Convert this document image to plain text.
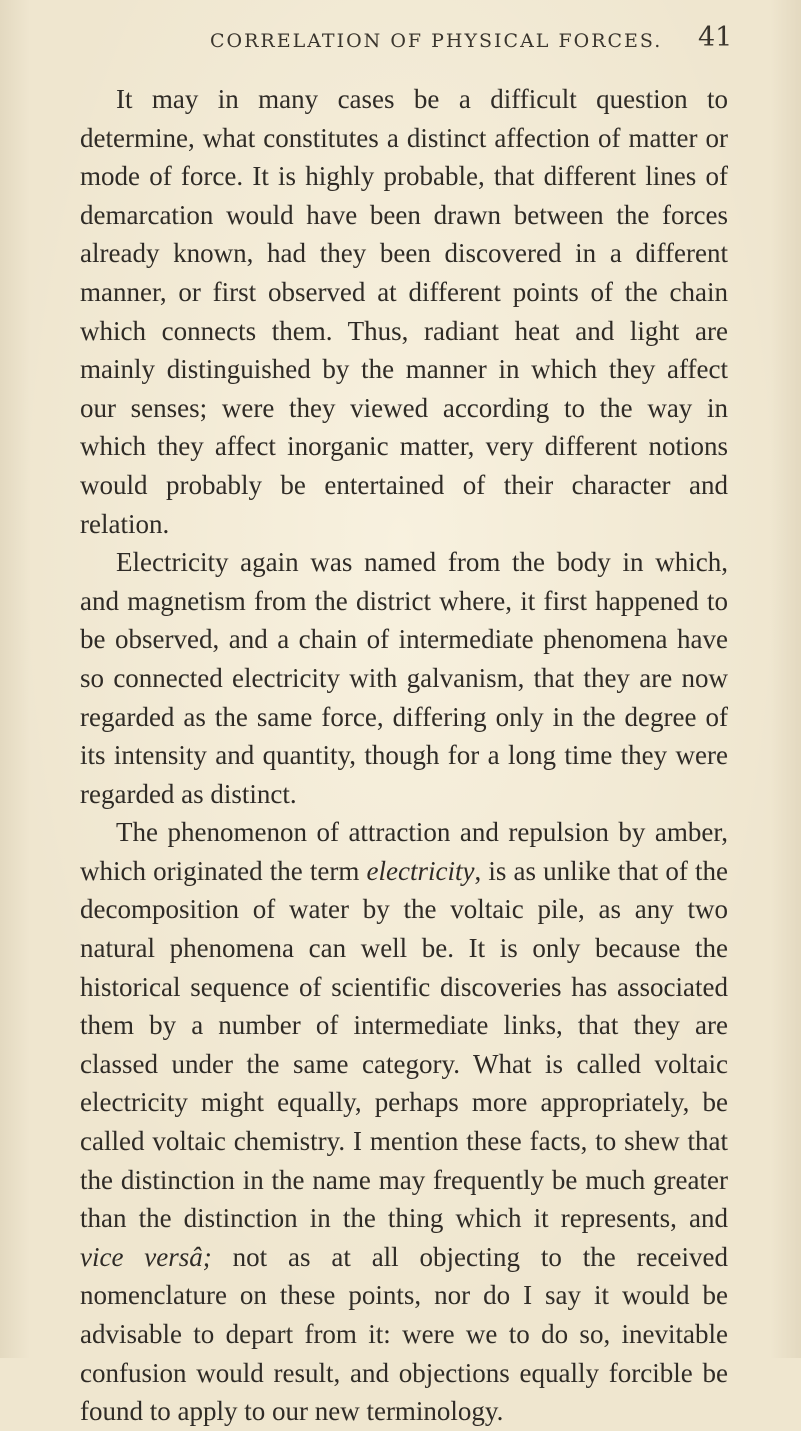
CORRELATION OF PHYSICAL FORCES. 41

It may in many cases be a difficult question to determine, what constitutes a distinct affection of matter or mode of force. It is highly probable, that different lines of demarcation would have been drawn between the forces already known, had they been discovered in a different manner, or first observed at different points of the chain which connects them. Thus, radiant heat and light are mainly distinguished by the manner in which they affect our senses; were they viewed according to the way in which they affect inorganic matter, very different notions would probably be entertained of their character and relation.

Electricity again was named from the body in which, and magnetism from the district where, it first happened to be observed, and a chain of intermediate phenomena have so connected electricity with galvanism, that they are now regarded as the same force, differing only in the degree of its intensity and quantity, though for a long time they were regarded as distinct.

The phenomenon of attraction and repulsion by amber, which originated the term electricity, is as unlike that of the decomposition of water by the voltaic pile, as any two natural phenomena can well be. It is only because the historical sequence of scientific discoveries has associated them by a number of intermediate links, that they are classed under the same category. What is called voltaic electricity might equally, perhaps more appropriately, be called voltaic chemistry. I mention these facts, to shew that the distinction in the name may frequently be much greater than the distinction in the thing which it represents, and vice versâ; not as at all objecting to the received nomenclature on these points, nor do I say it would be advisable to depart from it: were we to do so, inevitable confusion would result, and objections equally forcible be found to apply to our new terminology.
